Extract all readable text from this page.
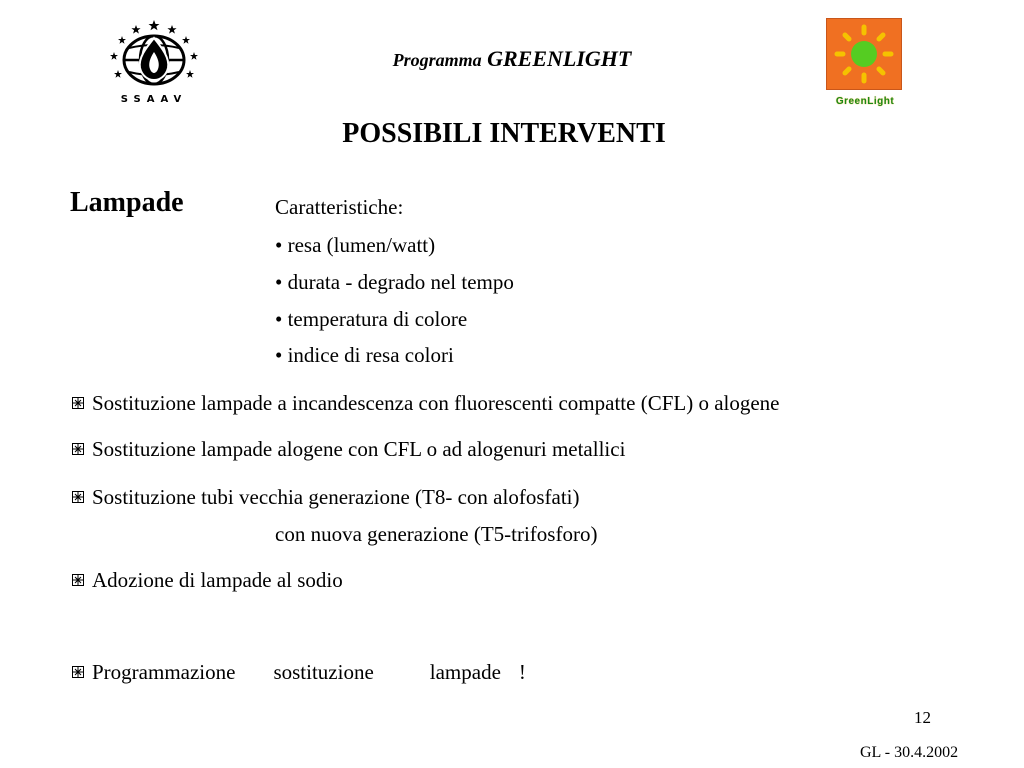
SSAAV
Programma GREENLIGHT
POSSIBILI INTERVENTI
GreenLight
Lampade	Caratteristiche:
• resa (lumen/watt)
• durata - degrado nel tempo
• temperatura di colore
• indice di resa colori
Sostituzione lampade a incandescenza con fluorescenti compatte (CFL) o alogene
Sostituzione lampade alogene con CFL o ad alogenuri metallici
Sostituzione tubi vecchia generazione (T8- con alofosfati)
con nuova generazione (T5-trifosforo)
Adozione di lampade al sodio
Programmazione sostituzione	lampade !
12
GL - 30.4.2002
